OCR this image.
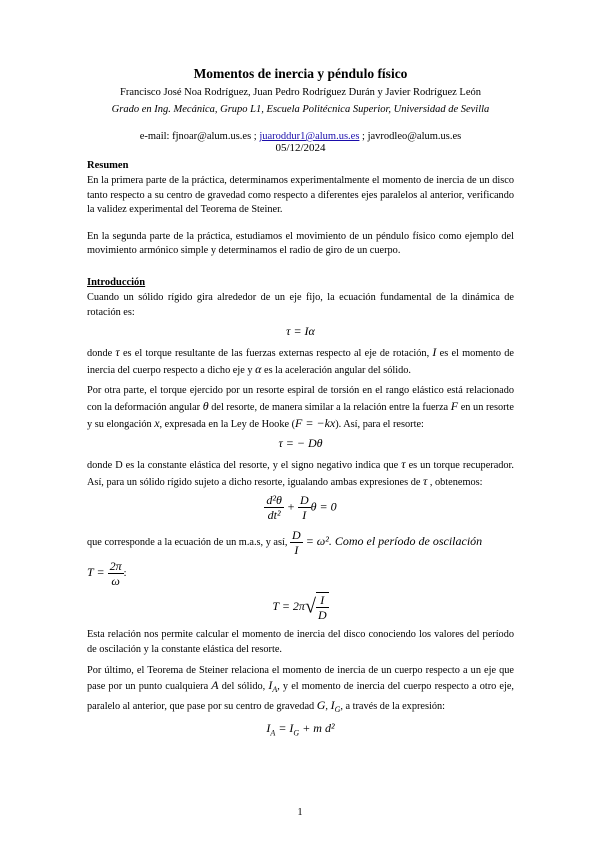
Momentos de inercia y péndulo físico
Francisco José Noa Rodríguez, Juan Pedro Rodríguez Durán y Javier Rodríguez León
Grado en Ing. Mecánica, Grupo L1, Escuela Politécnica Superior, Universidad de Sevilla
e-mail: fjnoar@alum.us.es ; juaroddur1@alum.us.es ; javrodleo@alum.us.es
05/12/2024
Resumen

En la primera parte de la práctica, determinamos experimentalmente el momento de inercia de un disco tanto respecto a su centro de gravedad como respecto a diferentes ejes paralelos al anterior, verificando la validez experimental del Teorema de Steiner.

En la segunda parte de la práctica, estudiamos el movimiento de un péndulo físico como ejemplo del movimiento armónico simple y determinamos el radio de giro de un cuerpo.

Introducción

Cuando un sólido rígido gira alrededor de un eje fijo, la ecuación fundamental de la dinámica de rotación es:

τ = Iα

donde τ es el torque resultante de las fuerzas externas respecto al eje de rotación, I es el momento de inercia del cuerpo respecto a dicho eje y α es la aceleración angular del sólido.

Por otra parte, el torque ejercido por un resorte espiral de torsión en el rango elástico está relacionado con la deformación angular θ del resorte, de manera similar a la relación entre la fuerza F en un resorte y su elongación x, expresada en la Ley de Hooke (F = −kx). Así, para el resorte:

τ = − Dθ

donde D es la constante elástica del resorte, y el signo negativo indica que τ es un torque recuperador. Así, para un sólido rígido sujeto a dicho resorte, igualando ambas expresiones de τ , obtenemos:

$\frac{\text{d²θ}}{\text{dt²}} + \frac{D}{I}$ θ = 0

que corresponde a la ecuación de un m.a.s, y así, $\frac{D}{I} = \omega^2$. Como el período de oscilación

$T = \frac{2\pi}{\omega}$ :

$T = 2\pi√ \frac{I}{D}$

Esta relación nos permite calcular el momento de inercia del disco conociendo los valores del período de oscilación y la constante elástica del resorte.

Por último, el Teorema de Steiner relaciona el momento de inercia de un cuerpo respecto a un eje que pase por un punto cualquiera A del sólido, $I_A$, y el momento de inercia del cuerpo respecto a otro eje, paralelo al anterior, que pase por su centro de gravedad G, $I_G$, a través de la expresión:

$I_A = I_G + m$ d²
1
